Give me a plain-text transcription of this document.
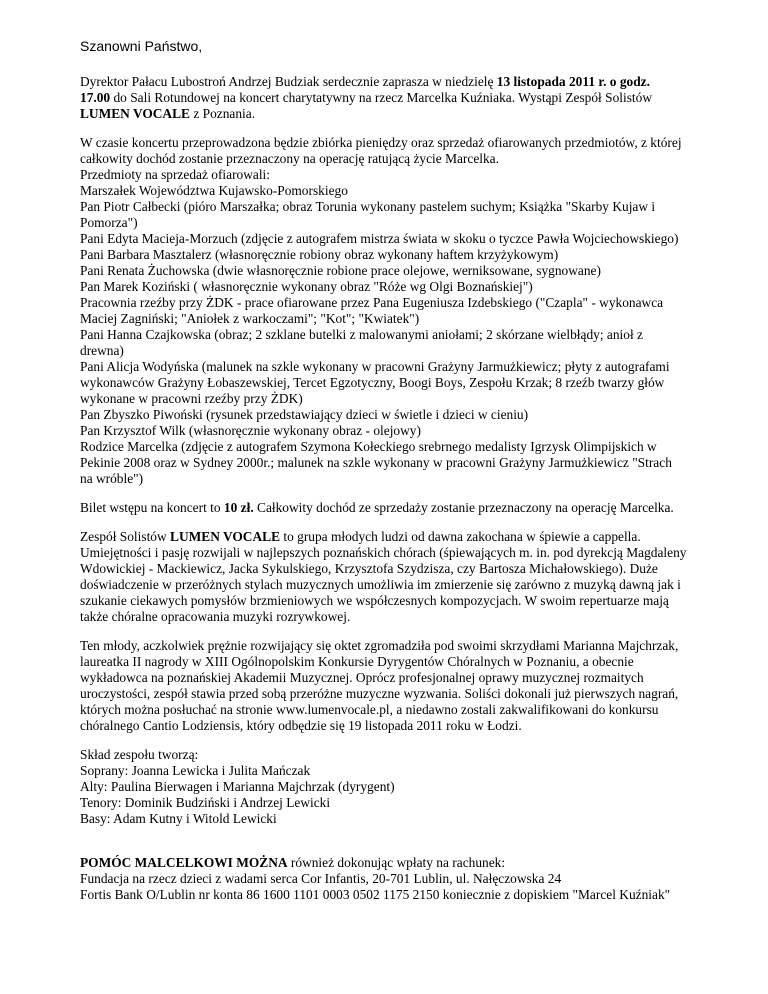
Szanowni Państwo,

Dyrektor Pałacu Lubostroń Andrzej Budziak serdecznie zaprasza w niedzielę 13 listopada 2011 r. o godz.
17.00 do Sali Rotundowej na koncert charytatywny na rzecz Marcelka Kuźniaka. Wystąpi Zespół Solistów
LUMEN VOCALE z Poznania.

W czasie koncertu przeprowadzona będzie zbiórka pieniędzy oraz sprzedaż ofiarowanych przedmiotów, z której
całkowity dochód zostanie przeznaczony na operację ratującą życie Marcelka.
Przedmioty na sprzedaż ofiarowali:
Marszałek Województwa Kujawsko-Pomorskiego
Pan Piotr Całbecki (pióro Marszałka; obraz Torunia wykonany pastelem suchym; Książka "Skarby Kujaw i
Pomorza")
Pani Edyta Macieja-Morzuch (zdjęcie z autografem mistrza świata w skoku o tyczce Pawła Wojciechowskiego)
Pani Barbara Masztalerz (własnoręcznie robiony obraz wykonany haftem krzyżykowym)
Pani Renata Żuchowska (dwie własnoręcznie robione prace olejowe, werniksowane, sygnowane)
Pan Marek Koziński ( własnoręcznie wykonany obraz "Róże wg Olgi Boznańskiej")
Pracownia rzeźby przy ŻDK - prace ofiarowane przez Pana Eugeniusza Izdebskiego ("Czapla" - wykonawca
Maciej Zagniński; "Aniołek z warkoczami"; "Kot"; "Kwiatek")
Pani Hanna Czajkowska (obraz; 2 szklane butelki z malowanymi aniołami; 2 skórzane wielbłądy; anioł z
drewna)
Pani Alicja Wodyńska (malunek na szkle wykonany w pracowni Grażyny Jarmużkiewicz; płyty z autografami
wykonawców Grażyny Łobaszewskiej, Tercet Egzotyczny, Boogi Boys, Zespołu Krzak; 8 rzeźb twarzy głów
wykonane w pracowni rzeźby przy ŻDK)
Pan Zbyszko Piwoński (rysunek przedstawiający dzieci w świetle i dzieci w cieniu)
Pan Krzysztof Wilk (własnoręcznie wykonany obraz - olejowy)
Rodzice Marcelka (zdjęcie z autografem Szymona Kołeckiego srebrnego medalisty Igrzysk Olimpijskich w
Pekinie 2008 oraz w Sydney 2000r.; malunek na szkle wykonany w pracowni Grażyny Jarmużkiewicz "Strach
na wróble")

Bilet wstępu na koncert to 10 zł. Całkowity dochód ze sprzedaży zostanie przeznaczony na operację Marcelka.

Zespół Solistów LUMEN VOCALE to grupa młodych ludzi od dawna zakochana w śpiewie a cappella.
Umiejętności i pasję rozwijali w najlepszych poznańskich chórach (śpiewających m. in. pod dyrekcją Magdaleny
Wdowickiej - Mackiewicz, Jacka Sykulskiego, Krzysztofa Szydzisza, czy Bartosza Michałowskiego). Duże
doświadczenie w przeróżnych stylach muzycznych umożliwia im zmierzenie się zarówno z muzyką dawną jak i
szukanie ciekawych pomysłów brzmieniowych we współczesnych kompozycjach. W swoim repertuarze mają
także chóralne opracowania muzyki rozrywkowej.

Ten młody, aczkolwiek prężnie rozwijający się oktet zgromadziła pod swoimi skrzydłami Marianna Majchrzak,
laureatka II nagrody w XIII Ogólnopolskim Konkursie Dyrygentów Chóralnych w Poznaniu, a obecnie
wykładowca na poznańskiej Akademii Muzycznej. Oprócz profesjonalnej oprawy muzycznej rozmaitych
uroczystości, zespół stawia przed sobą przeróżne muzyczne wyzwania. Soliści dokonali już pierwszych nagrań,
których można posłuchać na stronie www.lumenvocale.pl, a niedawno zostali zakwalifikowani do konkursu
chóralnego Cantio Lodziensis, który odbędzie się 19 listopada 2011 roku w Łodzi.

Skład zespołu tworzą:
Soprany: Joanna Lewicka i Julita Mańczak
Alty: Paulina Bierwagen i Marianna Majchrzak (dyrygent)
Tenory: Dominik Budziński i Andrzej Lewicki
Basy: Adam Kutny i Witold Lewicki

POMÓC MALCELKOWI MOŻNA również dokonując wpłaty na rachunek:
Fundacja na rzecz dzieci z wadami serca Cor Infantis, 20-701 Lublin, ul. Nałęczowska 24
Fortis Bank O/Lublin nr konta 86 1600 1101 0003 0502 1175 2150 koniecznie z dopiskiem "Marcel Kuźniak"
